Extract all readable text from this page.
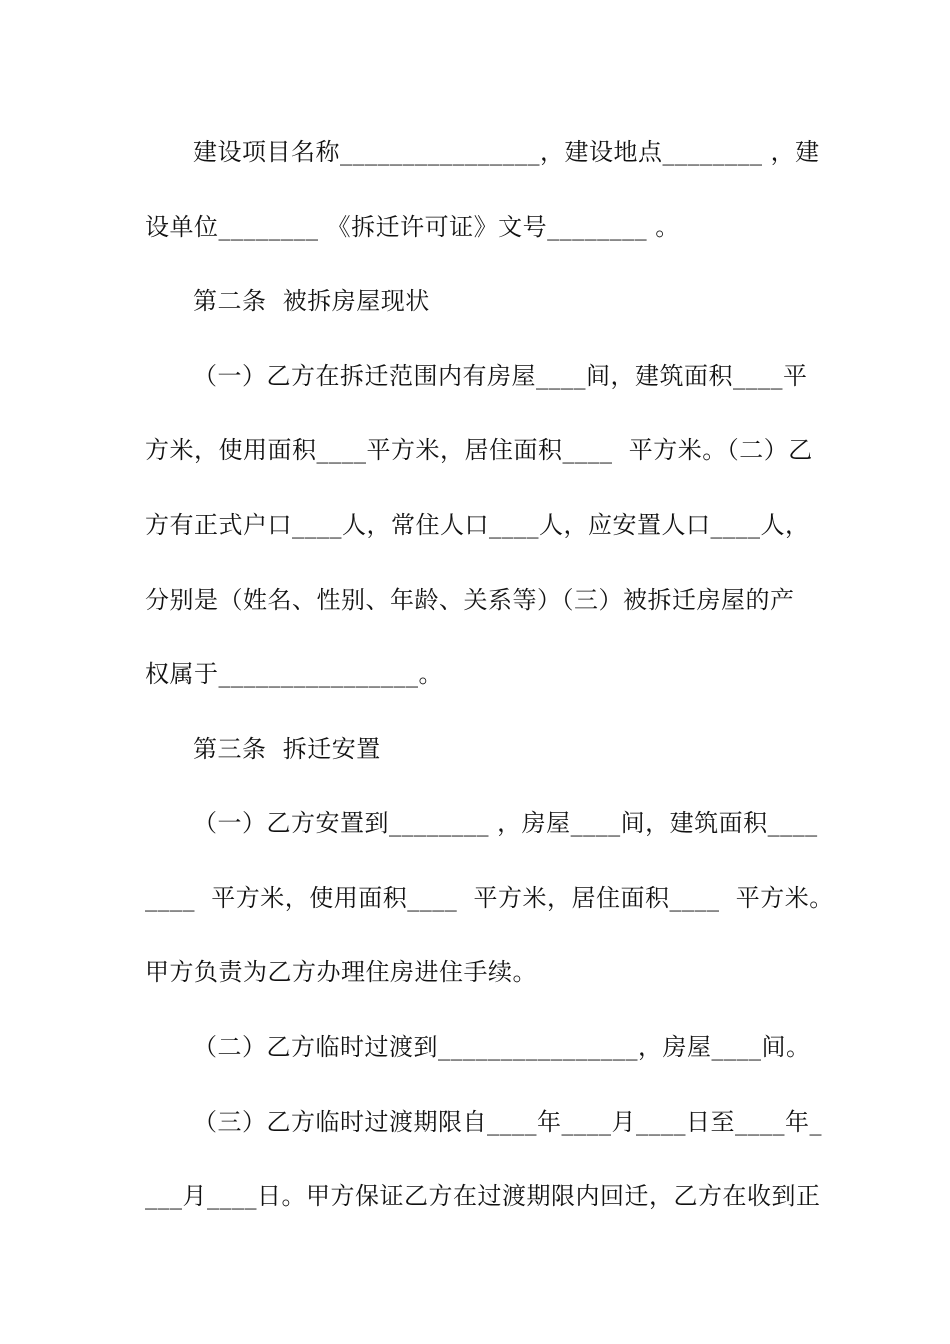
建设项目名称________________，建设地点________ ，建
设单位________ 《拆迁许可证》文号________ 。
第二条  被拆房屋现状
（一）乙方在拆迁范围内有房屋____间，建筑面积____平
方米，使用面积____平方米，居住面积____  平方米。（二）乙
方有正式户口____人，常住人口____人，应安置人口____人，
分别是（姓名、性别、年龄、关系等）（三）被拆迁房屋的产
权属于________________。
第三条  拆迁安置
（一）乙方安置到________ ，房屋____间，建筑面积____
____  平方米，使用面积____  平方米，居住面积____  平方米。
甲方负责为乙方办理住房进住手续。
（二）乙方临时过渡到________________，房屋____间。
（三）乙方临时过渡期限自____年____月____日至____年_
___月____日。甲方保证乙方在过渡期限内回迁，乙方在收到正
